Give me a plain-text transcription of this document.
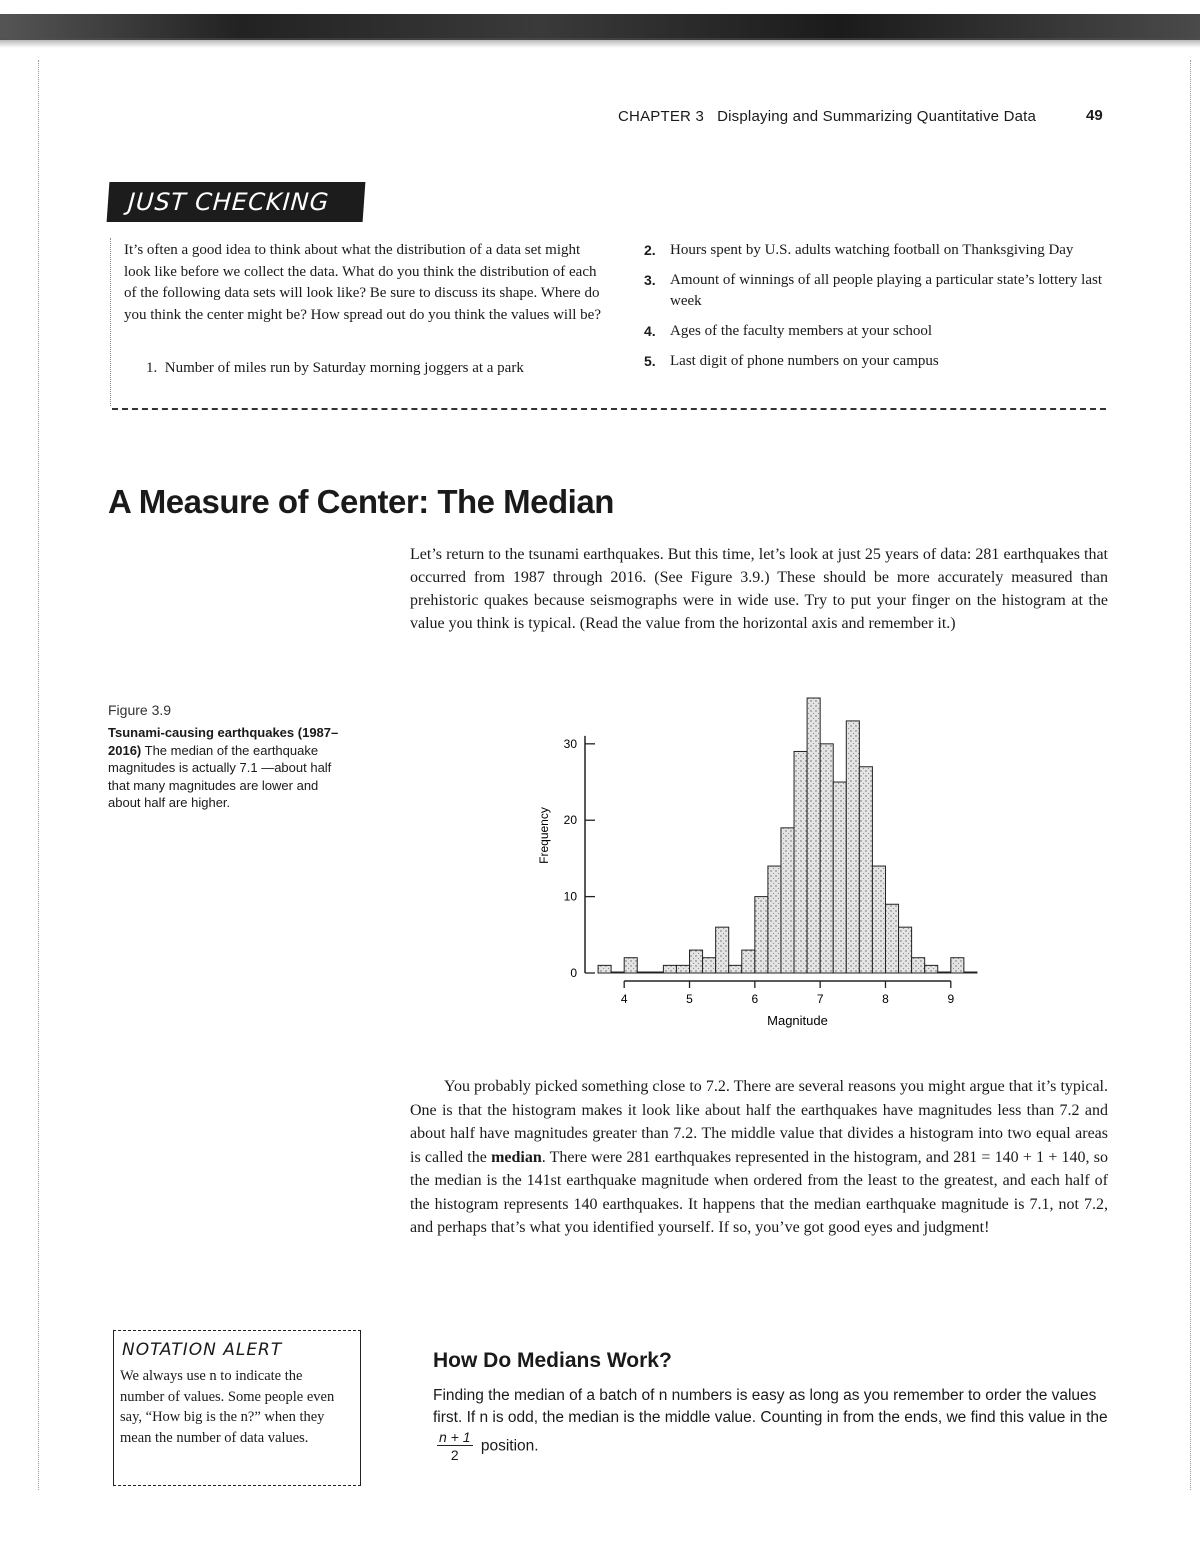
CHAPTER 3 Displaying and Summarizing Quantitative Data	49
JUST CHECKING
It’s often a good idea to think about what the distribution of a data set might look like before we collect the data. What do you think the distribution of each of the following data sets will look like? Be sure to discuss its shape. Where do you think the center might be? How spread out do you think the values will be?
1. Number of miles run by Saturday morning joggers at a park
2. Hours spent by U.S. adults watching football on Thanksgiving Day
3. Amount of winnings of all people playing a particular state’s lottery last week
4. Ages of the faculty members at your school
5. Last digit of phone numbers on your campus
A Measure of Center: The Median
Let’s return to the tsunami earthquakes. But this time, let’s look at just 25 years of data: 281 earthquakes that occurred from 1987 through 2016. (See Figure 3.9.) These should be more accurately measured than prehistoric quakes because seismographs were in wide use. Try to put your finger on the histogram at the value you think is typical. (Read the value from the horizontal axis and remember it.)
Figure 3.9
Tsunami-causing earthquakes (1987–2016) The median of the earthquake magnitudes is actually 7.1 —about half that many magnitudes are lower and about half are higher.
0
10
20
30
4	5	6	7	8	9
Magnitude
Frequency
You probably picked something close to 7.2. There are several reasons you might argue that it’s typical. One is that the histogram makes it look like about half the earthquakes have magnitudes less than 7.2 and about half have magnitudes greater than 7.2. The middle value that divides a histogram into two equal areas is called the median. There were 281 earthquakes represented in the histogram, and 281 = 140 + 1 + 140, so the median is the 141st earthquake magnitude when ordered from the least to the greatest, and each half of the histogram represents 140 earthquakes. It happens that the median earthquake magnitude is 7.1, not 7.2, and perhaps that’s what you identified yourself. If so, you’ve got good eyes and judgment!
NOTATION ALERT
We always use n to indicate the number of values. Some people even say, “How big is the n?” when they mean the number of data values.
How Do Medians Work?
Finding the median of a batch of n numbers is easy as long as you remember to order the values first. If n is odd, the median is the middle value. Counting in from the ends, we find this value in the
$\frac{n + 1}{2}$ position.
